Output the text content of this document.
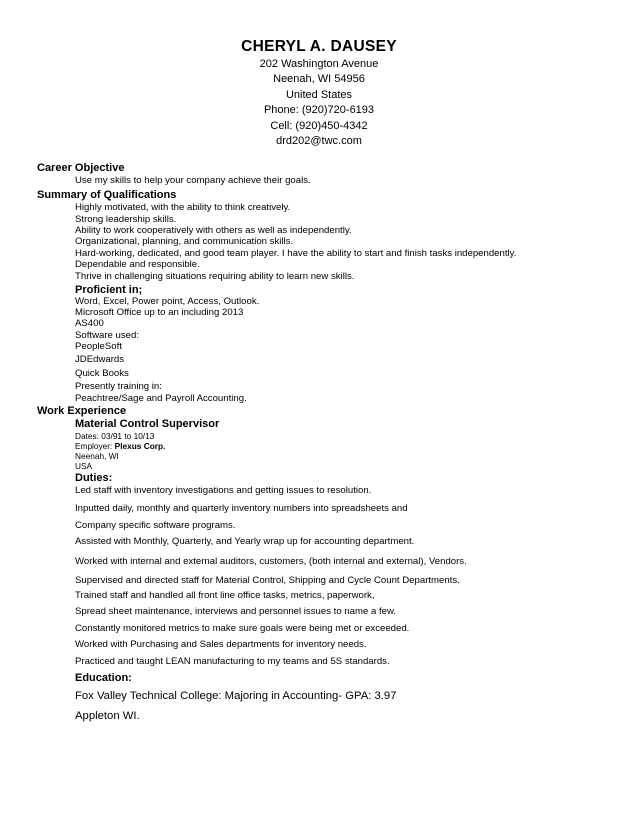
CHERYL A. DAUSEY
202 Washington Avenue
Neenah, WI 54956
United States
Phone: (920)720-6193
Cell: (920)450-4342
drd202@twc.com
Career Objective
Use my skills to help your company achieve their goals.
Summary of Qualifications
Highly motivated, with the ability to think creatively.
Strong leadership skills.
Ability to work cooperatively with others as well as independently.
Organizational, planning, and communication skills.
Hard-working, dedicated, and good team player. I have the ability to start and finish tasks independently.
Dependable and responsible.
Thrive in challenging situations requiring ability to learn new skills.
Proficient in;
Word, Excel, Power point, Access, Outlook.
Microsoft Office up to an including 2013
AS400
Software used:
PeopleSoft
JDEdwards
Quick Books
Presently training in:
Peachtree/Sage and Payroll Accounting.
Work Experience
Material Control Supervisor
Dates: 03/91 to 10/13
Employer: Plexus Corp.
Neenah, WI
USA
Duties:
Led staff with inventory investigations and getting issues to resolution.
Inputted daily, monthly and quarterly inventory numbers into spreadsheets and
Company specific software programs.
Assisted with Monthly, Quarterly, and Yearly wrap up for accounting department.
Worked with internal and external auditors, customers, (both internal and external), Vendors.
Supervised and directed staff for Material Control, Shipping and Cycle Count Departments.
Trained staff and handled all front line office tasks, metrics, paperwork,
Spread sheet maintenance, interviews and personnel issues to name a few.
Constantly monitored metrics to make sure goals were being met or exceeded.
Worked with Purchasing and Sales departments for inventory needs.
Practiced and taught LEAN manufacturing to my teams and 5S standards.
Education:
Fox Valley Technical College: Majoring in Accounting- GPA: 3.97
Appleton WI.
